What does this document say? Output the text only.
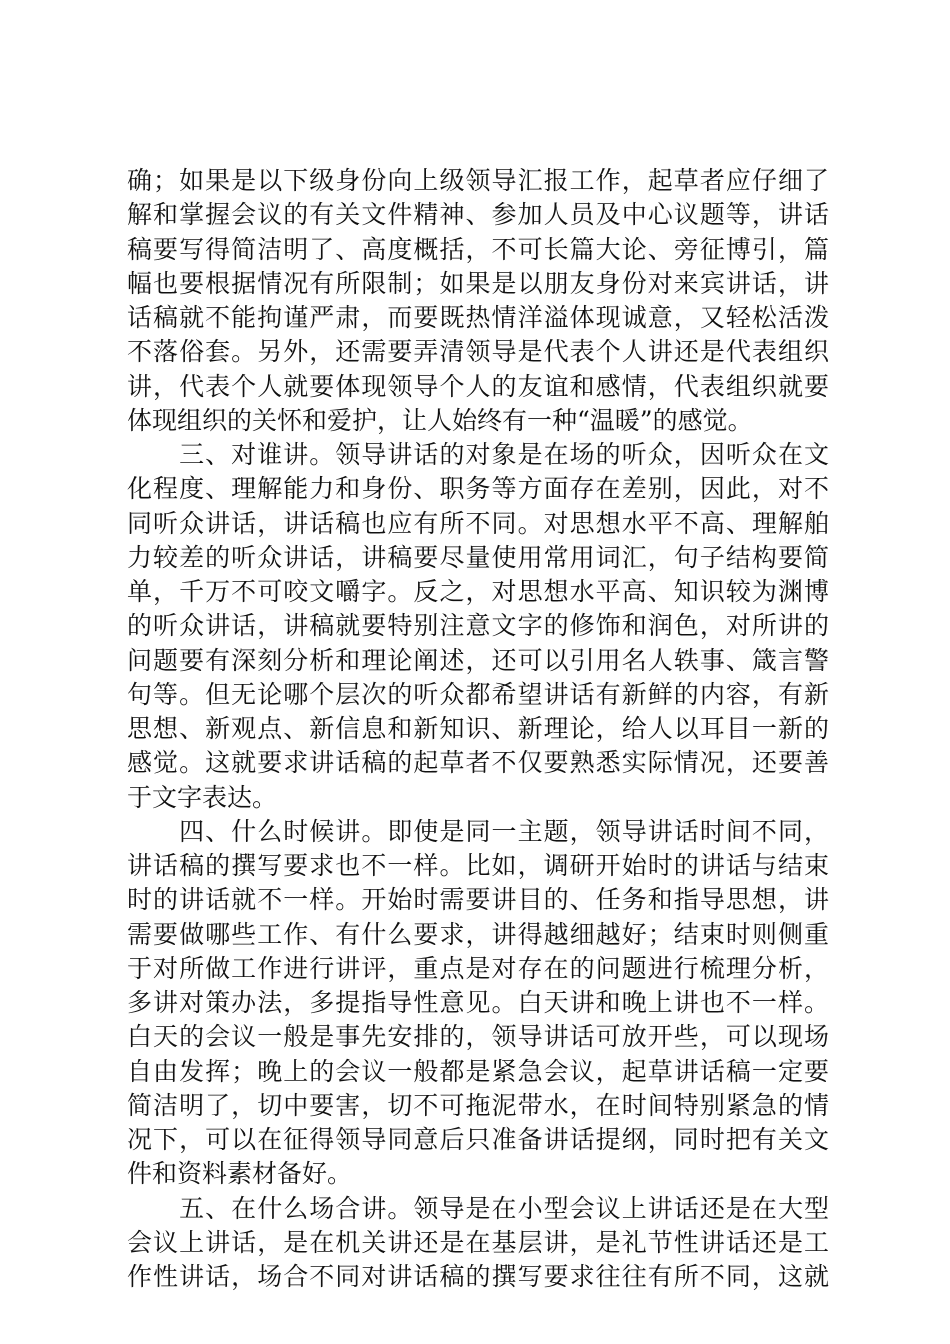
确；如果是以下级身份向上级领导汇报工作，起草者应仔细了
解和掌握会议的有关文件精神、参加人员及中心议题等，讲话
稿要写得简洁明了、高度概括，不可长篇大论、旁征博引，篇
幅也要根据情况有所限制；如果是以朋友身份对来宾讲话，讲
话稿就不能拘谨严肃，而要既热情洋溢体现诚意，又轻松活泼
不落俗套。另外，还需要弄清领导是代表个人讲还是代表组织
讲，代表个人就要体现领导个人的友谊和感情，代表组织就要
体现组织的关怀和爱护，让人始终有一种“温暖”的感觉。
　　三、对谁讲。领导讲话的对象是在场的听众，因听众在文
化程度、理解能力和身份、职务等方面存在差别，因此，对不
同听众讲话，讲话稿也应有所不同。对思想水平不高、理解舶
力较差的听众讲话，讲稿要尽量使用常用词汇，句子结构要简
单，千万不可咬文嚼字。反之，对思想水平高、知识较为渊博
的听众讲话，讲稿就要特别注意文字的修饰和润色，对所讲的
问题要有深刻分析和理论阐述，还可以引用名人轶事、箴言警
句等。但无论哪个层次的听众都希望讲话有新鲜的内容，有新
思想、新观点、新信息和新知识、新理论，给人以耳目一新的
感觉。这就要求讲话稿的起草者不仅要熟悉实际情况，还要善
于文字表达。
　　四、什么时候讲。即使是同一主题，领导讲话时间不同，
讲话稿的撰写要求也不一样。比如，调研开始时的讲话与结束
时的讲话就不一样。开始时需要讲目的、任务和指导思想，讲
需要做哪些工作、有什么要求，讲得越细越好；结束时则侧重
于对所做工作进行讲评，重点是对存在的问题进行梳理分析，
多讲对策办法，多提指导性意见。白天讲和晚上讲也不一样。
白天的会议一般是事先安排的，领导讲话可放开些，可以现场
自由发挥；晚上的会议一般都是紧急会议，起草讲话稿一定要
简洁明了，切中要害，切不可拖泥带水，在时间特别紧急的情
况下，可以在征得领导同意后只准备讲话提纲，同时把有关文
件和资料素材备好。
　　五、在什么场合讲。领导是在小型会议上讲话还是在大型
会议上讲话，是在机关讲还是在基层讲，是礼节性讲话还是工
作性讲话，场合不同对讲话稿的撰写要求往往有所不同，这就
